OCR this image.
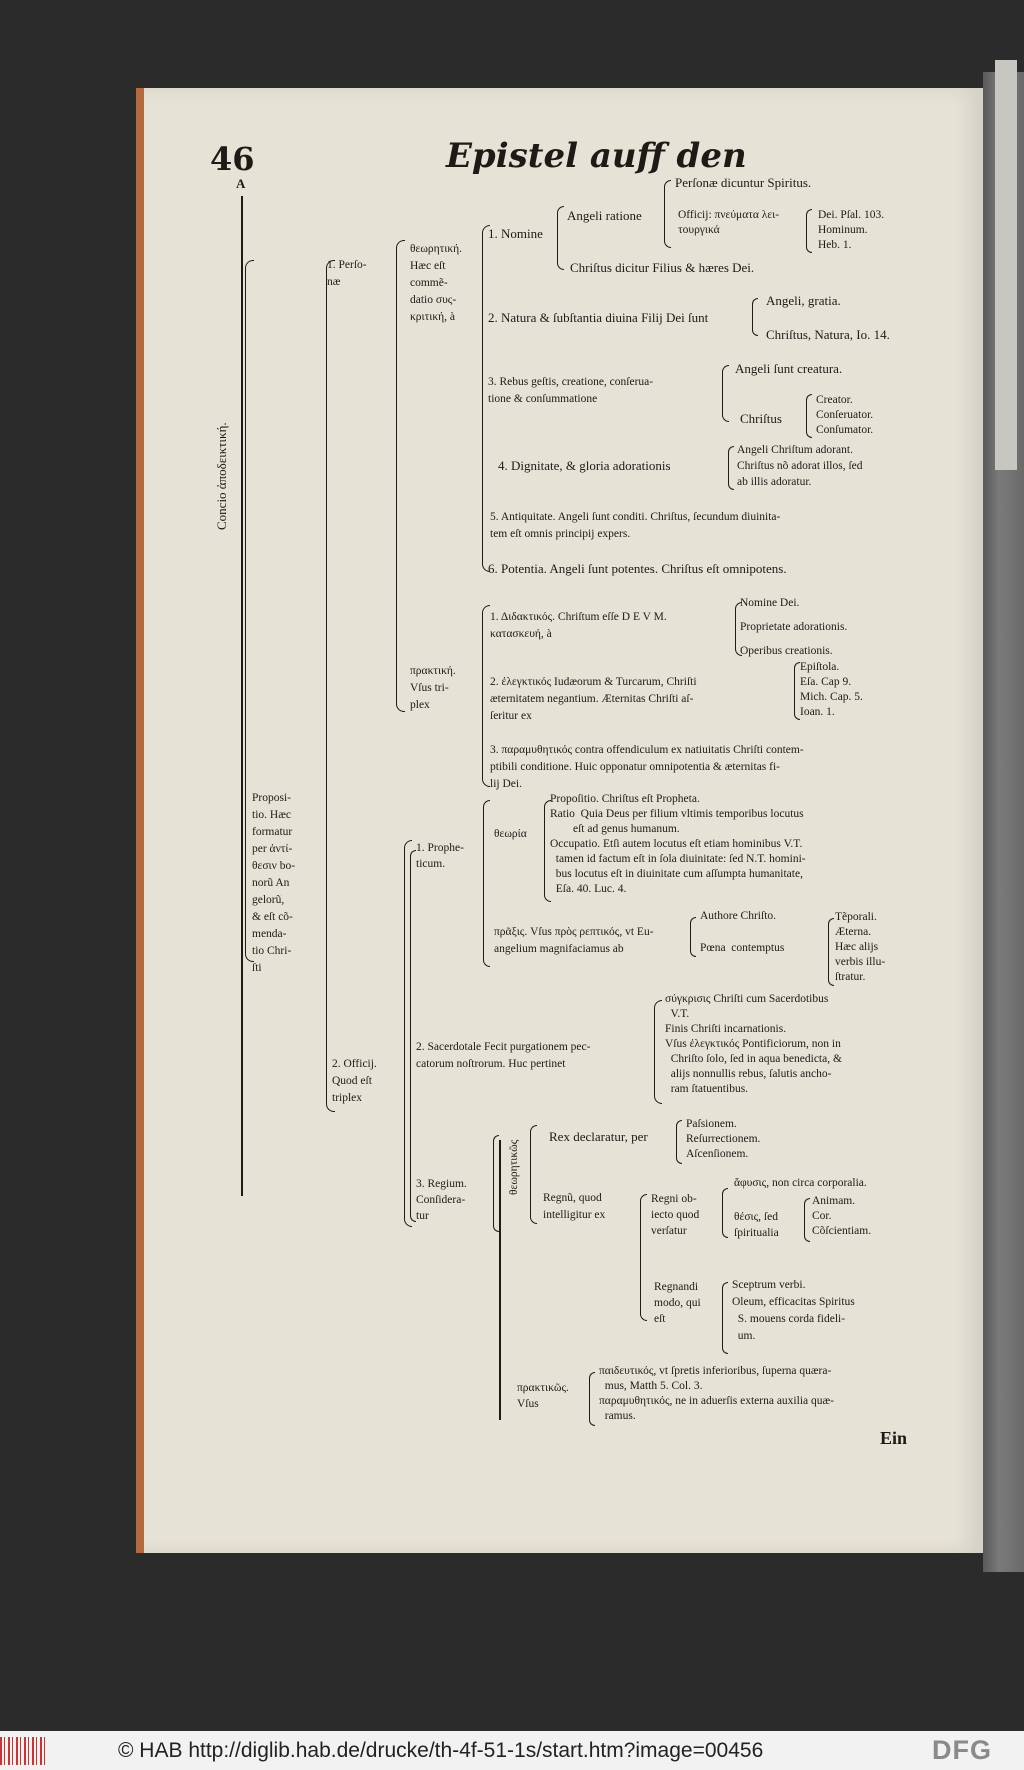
46	Epistel auff den
A
Concio ἀποδεικτική.
Proposi-
tio. Hæc
formatur
per ἀντί-
θεσιν bo-
norũ An
gelorũ,
& eſt cõ-
menda-
tio Chri-
ſti
1. Perſo-
næ
2. Officij.
Quod eſt
triplex
θεωρητική.
Hæc eſt
commẽ-
datio συς-
κριτική, à
πρακτική.
Vſus tri-
plex
1. Nomine
Angeli ratione
Perſonæ dicuntur Spiritus.
Officij: πνεύματα λει-
τουργικά
Dei. Pſal. 103.
Hominum.
Heb. 1.
Chriſtus dicitur Filius & hæres Dei.
2. Natura & ſubſtantia diuina Filij Dei ſunt
Angeli, gratia.
Chriſtus, Natura, Io. 14.
3. Rebus geſtis, creatione, conſerua-
tione & conſummatione
Angeli ſunt creatura.
Chriſtus
Creator.
Conſeruator.
Conſumator.
4. Dignitate, & gloria adorationis
Angeli Chriſtum adorant.
Chriſtus nõ adorat illos, ſed
ab illis adoratur.
5. Antiquitate. Angeli ſunt conditi. Chriſtus, ſecundum diuinita-
tem eſt omnis principij expers.
6. Potentia. Angeli ſunt potentes. Chriſtus eſt omnipotens.
1. Διδακτικός. Chriſtum eſſe D E V M.
κατασκευή, à
Nomine Dei.
Proprietate adorationis.
Operibus creationis.
2. ἐλεγκτικός Iudæorum & Turcarum, Chriſti
æternitatem negantium. Æternitas Chriſti aſ-
ſeritur ex
Epiſtola.
Eſa. Cap 9.
Mich. Cap. 5.
Ioan. 1.
3. παραμυθητικός contra offendiculum ex natiuitatis Chriſti contem-
ptibili conditione. Huic opponatur omnipotentia & æternitas fi-
lij Dei.
1. Prophe-
ticum.
θεωρία
Propoſitio. Chriſtus eſt Propheta.
Ratio  Quia Deus per filium vltimis temporibus locutus
eſt ad genus humanum.
Occupatio. Etſi autem locutus eſt etiam hominibus V.T.
tamen id factum eſt in ſola diuinitate: ſed N.T. homini-
bus locutus eſt in diuinitate cum aſſumpta humanitate,
Eſa. 40. Luc. 4.
πρᾶξις. Vſus πρὸς ρεπτικός, vt Eu-
angelium magnifaciamus ab
Authore Chriſto.
Pœna  contemptus
Tẽporali.
Æterna.
Hæc alijs
verbis illu-
ſtratur.
2. Sacerdotale Fecit purgationem pec-
catorum noſtrorum. Huc pertinet
σύγκρισις Chriſti cum Sacerdotibus
V.T.
Finis Chriſti incarnationis.
Vſus ἐλεγκτικός Pontificiorum, non in
Chriſto ſolo, ſed in aqua benedicta, &
alijs nonnullis rebus, ſalutis ancho-
ram ſtatuentibus.
3. Regium.
Conſidera-
tur
θεωρητικῶς
Rex declaratur, per
Paſsionem.
Reſurrectionem.
Aſcenſionem.
Regnũ, quod
intelligitur ex
Regni ob-
iecto quod
verſatur
ἄφυσις, non circa corporalia.
θέσις, ſed
ſpiritualia
Animam.
Cor.
Cõſcientiam.
Regnandi
modo, qui
eſt
Sceptrum verbi.
Oleum, efficacitas Spiritus
S. mouens corda fideli-
um.
πρακτικῶς.
Vſus
παιδευτικός, vt ſpretis inferioribus, ſuperna quæra-
mus, Matth 5. Col. 3.
παραμυθητικός, ne in aduerſis externa auxilia quæ-
ramus.
Ein
© HAB http://diglib.hab.de/drucke/th-4f-51-1s/start.htm?image=00456	DFG
